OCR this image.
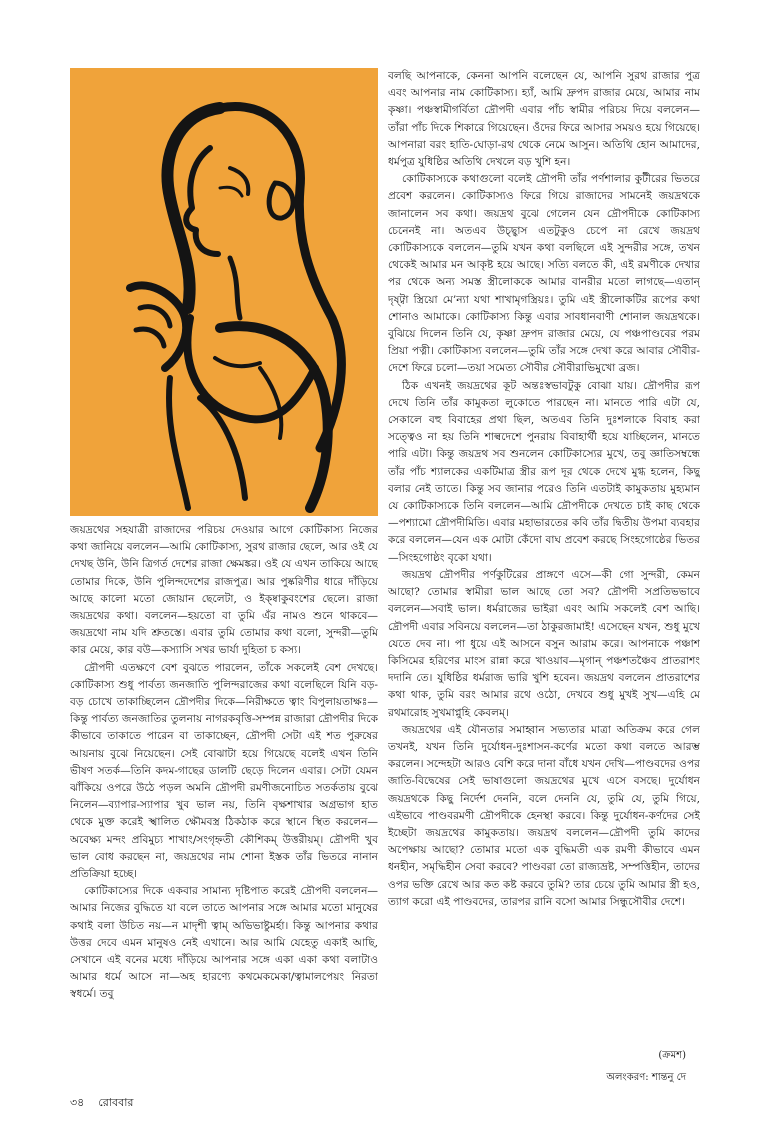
জয়দ্রথের সহযাত্রী রাজাদের পরিচয় দেওয়ার আগে কোটিকাস্য নিজের কথা জানিয়ে বললেন—আমি কোটিকাস্য, সুরথ রাজার ছেলে, আর ওই যে দেখছ উনি, উনি ত্রিগর্ত দেশের রাজা ক্ষেমঙ্কর। ওই যে এখন তাকিয়ে আছে তোমার দিকে, উনি পুলিন্দদেশের রাজপুত্র। আর পুষ্করিণীর ধারে দাঁড়িয়ে আছে কালো মতো জোয়ান ছেলেটা, ও ইক্ষ্বাকুবংশের ছেলে। রাজা জয়দ্রথের কথা। বললেন—হয়তো বা তুমি এঁর নামও শুনে থাকবে—জয়দ্রথো নাম যদি শ্রুতস্তে। এবার তুমি তোমার কথা বলো, সুন্দরী—তুমি কার মেয়ে, কার বউ—কস্যাসি সখর ভার্যা দুহিতা চ কস্য।

দ্রৌপদী এতক্ষণে বেশ বুঝতে পারলেন, তাঁকে সকলেই বেশ দেখছে। কোটিকাস্য শুধু পার্বত্য জনজাতি পুলিন্দরাজের কথা বলেছিলে যিনি বড়-বড় চোখে তাকাচ্ছিলেন দ্রৌপদীর দিকে—নিরীক্ষতে ত্বাং বিপুলায়তাক্ষঃ—কিন্তু পার্বত্য জনজাতির তুলনায় নাগরকবৃত্তি-সম্পন্ন রাজারা দ্রৌপদীর দিকে কীভাবে তাকাতে পারেন বা তাকাচ্ছেন, দ্রৌপদী সেটা এই শত পুরুষের আয়নায় বুঝে নিয়েছেন। সেই বোঝাটা হয়ে গিয়েছে বলেই এখন তিনি ভীষণ সতর্ক—তিনি কদম-গাছের ডালটি ছেড়ে দিলেন এবার। সেটা যেমন ঝাঁকিয়ে ওপরে উঠে পড়ল অমনি দ্রৌপদী রমণীজনোচিত সতর্কতায় বুঝে নিলেন—ব্যাপার-স্যাপার খুব ভাল নয়, তিনি বৃক্ষশাখার অগ্রভাগ হাত থেকে মুক্ত করেই স্খালিত ক্ষৌমবস্ত্র ঠিকঠাক করে স্থানে স্থিত করলেন—অবেক্ষ্য মন্দং প্রবিমুচ্য শাখাং/সংগৃহ্নতী কৌশিকম্ উত্তরীয়ম্। দ্রৌপদী খুব ভাল বোধ করছেন না, জয়দ্রথের নাম শোনা ইস্তক তাঁর ভিতরে নানান প্রতিক্রিয়া হচ্ছে।

কোটিকাস্যের দিকে একবার সামান্য দৃষ্টিপাত করেই দ্রৌপদী বললেন—আমার নিজের বুদ্ধিতে যা বলে তাতে আপনার সঙ্গে আমার মতো মানুষের কথাই বলা উচিত নয়—ন মাদৃশী ত্বাম্ অভিভাষ্টুমর্হা। কিন্তু আপনার কথার উত্তর দেবে এমন মানুষও নেই এখানে। আর আমি যেহেতু একাই আছি, সেখানে এই বনের মধ্যে দাঁড়িয়ে আপনার সঙ্গে একা একা কথা বলাটাও আমার ধর্মে আসে না—অহ হারণ্যে কথমেকমেকা/ত্বামালপেয়ং নিরতা স্বধর্মে। তবু

বলছি আপনাকে, কেননা আপনি বলেছেন যে, আপনি সুরথ রাজার পুত্র এবং আপনার নাম কোটিকাস্য। হ্যাঁ, আমি দ্রুপদ রাজার মেয়ে, আমার নাম কৃষ্ণা। পঞ্চস্বামীগর্বিতা দ্রৌপদী এবার পাঁচ স্বামীর পরিচয় দিয়ে বললেন—তাঁরা পাঁচ দিকে শিকারে গিয়েছেন। ওঁদের ফিরে আসার সময়ও হয়ে গিয়েছে। আপনারা বরং হাতি-ঘোড়া-রথ থেকে নেমে আসুন। অতিথি হোন আমাদের, ধর্মপুত্র যুধিষ্ঠির অতিথি দেখলে বড় খুশি হন।

কোটিকাস্যকে কথাগুলো বলেই দ্রৌপদী তাঁর পর্ণশালার কুটীরের ভিতরে প্রবেশ করলেন। কোটিকাস্যও ফিরে গিয়ে রাজাদের সামনেই জয়দ্রথকে জানালেন সব কথা। জয়দ্রথ বুঝে গেলেন যেন দ্রৌপদীকে কোটিকাস্য চেনেনই না। অতএব উচ্ছ্বাস এতটুকুও চেপে না রেখে জয়দ্রথ কোটিকাস্যকে বললেন—তুমি যখন কথা বলছিলে এই সুন্দরীর সঙ্গে, তখন থেকেই আমার মন আকৃষ্ট হয়ে আছে। সত্যি বলতে কী, এই রমণীকে দেখার পর থেকে অন্য সমস্ত স্ত্রীলোককে আমার বানরীর মতো লাগছে—এতান্ দৃষ্ট্বা স্ত্রিয়ো মে’ন্যা যথা শাখামৃগস্ত্রিয়ঃ। তুমি এই স্ত্রীলোকটির রূপের কথা শোনাও আমাকে। কোটিকাস্য কিন্তু এবার সাবধানবাণী শোনাল জয়দ্রথকে। বুঝিয়ে দিলেন তিনি যে, কৃষ্ণা দ্রুপদ রাজার মেয়ে, যে পঞ্চপাণ্ডবের পরম প্রিয়া পত্নী। কোটিকাস্য বললেন—তুমি তাঁর সঙ্গে দেখা করে আবার সৌবীর-দেশে ফিরে চলো—তয়া সমেত্য সৌবীর সৌবীরাভিমুখো ব্রজ।

ঠিক এখনই জয়দ্রথের কূট অন্তঃস্বভাবটুকু বোঝা যায়। দ্রৌপদীর রূপ দেখে তিনি তাঁর কামুকতা লুকোতে পারছেন না। মানতে পারি এটা যে, সেকালে বহু বিবাহের প্রথা ছিল, অতএব তিনি দুঃশলাকে বিবাহ করা সত্ত্বেও না হয় তিনি শাল্বদেশে পুনরায় বিবাহার্থী হয়ে যাচ্ছিলেন, মানতে পারি এটা। কিন্তু জয়দ্রথ সব শুনলেন কোটিকাস্যের মুখে, তবু জ্ঞাতিসম্বন্ধে তাঁর পাঁচ শ্যালকের একটিমাত্র স্ত্রীর রূপ দূর থেকে দেখে মুগ্ধ হলেন, কিছু বলার নেই তাতে। কিন্তু সব জানার পরেও তিনি এতটাই কামুকতায় মুহ্যমান যে কোটিকাস্যকে তিনি বললেন—আমি দ্রৌপদীকে দেখতে চাই কাছ থেকে—পশ্যামো দ্রৌপদীমিতি। এবার মহাভারতের কবি তাঁর দ্বিতীয় উপমা ব্যবহার করে বললেন—যেন এক মোটা কেঁদো বাঘ প্রবেশ করছে সিংহগোষ্ঠের ভিতর—সিংহগোষ্ঠং বৃকো যথা।

জয়দ্রথ দ্রৌপদীর পর্ণকুটিরের প্রাঙ্গণে এসে—কী গো সুন্দরী, কেমন আছো? তোমার স্বামীরা ভাল আছে তো সব? দ্রৌপদী সপ্রতিভভাবে বললেন—সবাই ভাল। ধর্মরাজের ভাইরা এবং আমি সকলেই বেশ আছি। দ্রৌপদী এবার সবিনয়ে বললেন—তা ঠাকুরজামাই! এসেছেন যখন, শুধু মুখে যেতে দেব না। পা ধুয়ে এই আসনে বসুন আরাম করে। আপনাকে পঞ্চাশ কিসিমের হরিণের মাংস রান্না করে খাওয়াব—মৃগান্ পঞ্চশতঞ্চৈব প্রাতরাশং দদানি তে। যুধিষ্ঠির ধর্মরাজ ভারি খুশি হবেন। জয়দ্রথ বললেন প্রাতরাশের কথা থাক, তুমি বরং আমার রথে ওঠো, দেখবে শুধু মুখই সুখ—এহি মে রথমারোহ সুখমাপ্নুহি কেবলম্।

জয়দ্রথের এই যৌনতার সমাহ্বান সভ্যতার মাত্রা অতিক্রম করে গেল তখনই, যখন তিনি দুর্যোধন-দুঃশাসন-কর্ণের মতো কথা বলতে আরম্ভ করলেন। সন্দেহটা আরও বেশি করে দানা বাঁধে যখন দেখি—পাণ্ডবদের ওপর জাতি-বিদ্বেষের সেই ভাষাগুলো জয়দ্রথের মুখে এসে বসছে। দুর্যোধন জয়দ্রথকে কিছু নির্দেশ দেননি, বলে দেননি যে, তুমি যে, তুমি গিয়ে, এইভাবে পাণ্ডবরমণী দ্রৌপদীকে হেনস্থা করবে। কিন্তু দুর্যোধন-কর্ণদের সেই ইচ্ছেটা জয়দ্রথের কামুকতায়। জয়দ্রথ বললেন—দ্রৌপদী তুমি কাদের অপেক্ষায় আছো? তোমার মতো এক বুদ্ধিমতী এক রমণী কীভাবে এমন ধনহীন, সমৃদ্ধিহীন সেবা করবে? পাণ্ডবরা তো রাজ্যভ্রষ্ট, সম্পত্তিহীন, তাদের ওপর ভক্তি রেখে আর কত কষ্ট করবে তুমি? তার চেয়ে তুমি আমার স্ত্রী হও, ত্যাগ করো এই পাণ্ডবদের, তারপর রানি বসো আমার সিন্ধুসৌবীর দেশে।

(ক্রমশ)
অলংকরণ: শান্তনু দে
৩৪ রোববার
